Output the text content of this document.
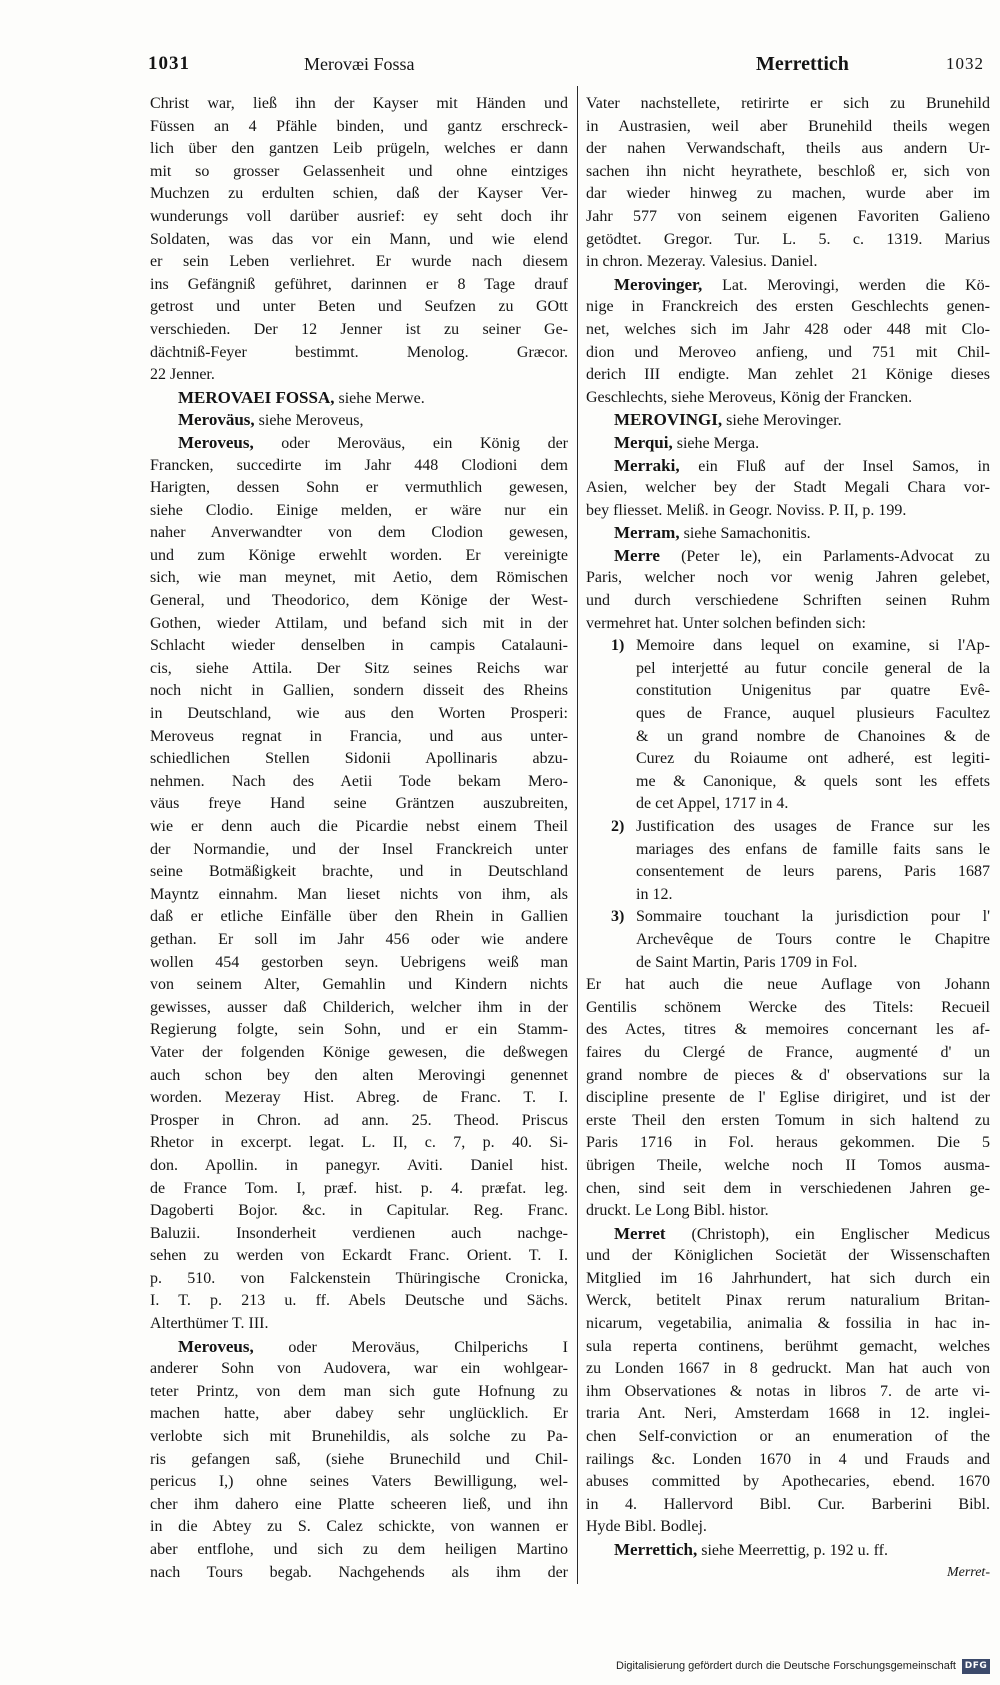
1031	Merovæi Fossa	Merrettich	1032
Christ war, ließ ihn der Kayser mit Händen und
Füssen an 4 Pfähle binden, und gantz erschreck-
lich über den gantzen Leib prügeln, welches er dann
mit so grosser Gelassenheit und ohne eintziges
Muchzen zu erdulten schien, daß der Kayser Ver-
wunderungs voll darüber ausrief: ey seht doch ihr
Soldaten, was das vor ein Mann, und wie elend
er sein Leben verliehret. Er wurde nach diesem
ins Gefängniß geführet, darinnen er 8 Tage drauf
getrost und unter Beten und Seufzen zu GOtt
verschieden. Der 12 Jenner ist zu seiner Ge-
dächtniß-Feyer bestimmt. Menolog. Græcor.
22 Jenner.
MEROVAEI FOSSA, siehe Merwe.
Meroväus, siehe Meroveus,
Meroveus, oder Meroväus, ein König der
Francken, succedirte im Jahr 448 Clodioni dem
Harigten, dessen Sohn er vermuthlich gewesen,
siehe Clodio. Einige melden, er wäre nur ein
naher Anverwandter von dem Clodion gewesen,
und zum Könige erwehlt worden. Er vereinigte
sich, wie man meynet, mit Aetio, dem Römischen
General, und Theodorico, dem Könige der West-
Gothen, wieder Attilam, und befand sich mit in der
Schlacht wieder denselben in campis Catalauni-
cis, siehe Attila. Der Sitz seines Reichs war
noch nicht in Gallien, sondern disseit des Rheins
in Deutschland, wie aus den Worten Prosperi:
Meroveus regnat in Francia, und aus unter-
schiedlichen Stellen Sidonii Apollinaris abzu-
nehmen. Nach des Aetii Tode bekam Mero-
väus freye Hand seine Gräntzen auszubreiten,
wie er denn auch die Picardie nebst einem Theil
der Normandie, und der Insel Franckreich unter
seine Botmäßigkeit brachte, und in Deutschland
Mayntz einnahm. Man lieset nichts von ihm, als
daß er etliche Einfälle über den Rhein in Gallien
gethan. Er soll im Jahr 456 oder wie andere
wollen 454 gestorben seyn. Uebrigens weiß man
von seinem Alter, Gemahlin und Kindern nichts
gewisses, ausser daß Childerich, welcher ihm in der
Regierung folgte, sein Sohn, und er ein Stamm-
Vater der folgenden Könige gewesen, die deßwegen
auch schon bey den alten Merovingi genennet
worden. Mezeray Hist. Abreg. de Franc. T. I.
Prosper in Chron. ad ann. 25. Theod. Priscus
Rhetor in excerpt. legat. L. II, c. 7, p. 40. Si-
don. Apollin. in panegyr. Aviti. Daniel hist.
de France Tom. I, præf. hist. p. 4. præfat. leg.
Dagoberti Bojor. &c. in Capitular. Reg. Franc.
Baluzii. Insonderheit verdienen auch nachge-
sehen zu werden von Eckardt Franc. Orient. T. I.
p. 510. von Falckenstein Thüringische Cronicka,
I. T. p. 213 u. ff. Abels Deutsche und Sächs.
Alterthümer T. III.
Meroveus, oder Meroväus, Chilperichs I
anderer Sohn von Audovera, war ein wohlgear-
teter Printz, von dem man sich gute Hofnung zu
machen hatte, aber dabey sehr unglücklich. Er
verlobte sich mit Brunehildis, als solche zu Pa-
ris gefangen saß, (siehe Brunechild und Chil-
pericus I,) ohne seines Vaters Bewilligung, wel-
cher ihm dahero eine Platte scheeren ließ, und ihn
in die Abtey zu S. Calez schickte, von wannen er
aber entflohe, und sich zu dem heiligen Martino
nach Tours begab. Nachgehends als ihm der
Vater nachstellete, retirirte er sich zu Brunehild
in Austrasien, weil aber Brunehild theils wegen
der nahen Verwandschaft, theils aus andern Ur-
sachen ihn nicht heyrathete, beschloß er, sich von
dar wieder hinweg zu machen, wurde aber im
Jahr 577 von seinem eigenen Favoriten Galieno
getödtet. Gregor. Tur. L. 5. c. 1319. Marius
in chron. Mezeray. Valesius. Daniel.
Merovinger, Lat. Merovingi, werden die Kö-
nige in Franckreich des ersten Geschlechts genen-
net, welches sich im Jahr 428 oder 448 mit Clo-
dion und Meroveo anfieng, und 751 mit Chil-
derich III endigte. Man zehlet 21 Könige dieses
Geschlechts, siehe Meroveus, König der Francken.
MEROVINGI, siehe Merovinger.
Merqui, siehe Merga.
Merraki, ein Fluß auf der Insel Samos, in
Asien, welcher bey der Stadt Megali Chara vor-
bey fliesset. Meliß. in Geogr. Noviss. P. II, p. 199.
Merram, siehe Samachonitis.
Merre (Peter le), ein Parlaments-Advocat zu
Paris, welcher noch vor wenig Jahren gelebet,
und durch verschiedene Schriften seinen Ruhm
vermehret hat. Unter solchen befinden sich:
1) Memoire dans lequel on examine, si l'Ap-
pel interjetté au futur concile general de la
constitution Unigenitus par quatre Evê-
ques de France, auquel plusieurs Facultez
& un grand nombre de Chanoines & de
Curez du Roiaume ont adheré, est legiti-
me & Canonique, & quels sont les effets
de cet Appel, 1717 in 4.
2) Justification des usages de France sur les
mariages des enfans de famille faits sans le
consentement de leurs parens, Paris 1687
in 12.
3) Sommaire touchant la jurisdiction pour l'
Archevêque de Tours contre le Chapitre
de Saint Martin, Paris 1709 in Fol.
Er hat auch die neue Auflage von Johann
Gentilis schönem Wercke des Titels: Recueil
des Actes, titres & memoires concernant les af-
faires du Clergé de France, augmenté d' un
grand nombre de pieces & d' observations sur la
discipline presente de l' Eglise dirigiret, und ist der
erste Theil den ersten Tomum in sich haltend zu
Paris 1716 in Fol. heraus gekommen. Die 5
übrigen Theile, welche noch II Tomos ausma-
chen, sind seit dem in verschiedenen Jahren ge-
druckt. Le Long Bibl. histor.
Merret (Christoph), ein Englischer Medicus
und der Königlichen Societät der Wissenschaften
Mitglied im 16 Jahrhundert, hat sich durch ein
Werck, betitelt Pinax rerum naturalium Britan-
nicarum, vegetabilia, animalia & fossilia in hac in-
sula reperta continens, berühmt gemacht, welches
zu Londen 1667 in 8 gedruckt. Man hat auch von
ihm Observationes & notas in libros 7. de arte vi-
traria Ant. Neri, Amsterdam 1668 in 12. inglei-
chen Self-conviction or an enumeration of the
railings &c. Londen 1670 in 4 und Frauds and
abuses committed by Apothecaries, ebend. 1670
in 4. Hallervord Bibl. Cur. Barberini Bibl.
Hyde Bibl. Bodlej.
Merrettich, siehe Meerrettig, p. 192 u. ff.
Merret-
Digitalisierung gefördert durch die Deutsche Forschungsgemeinschaft DFG
